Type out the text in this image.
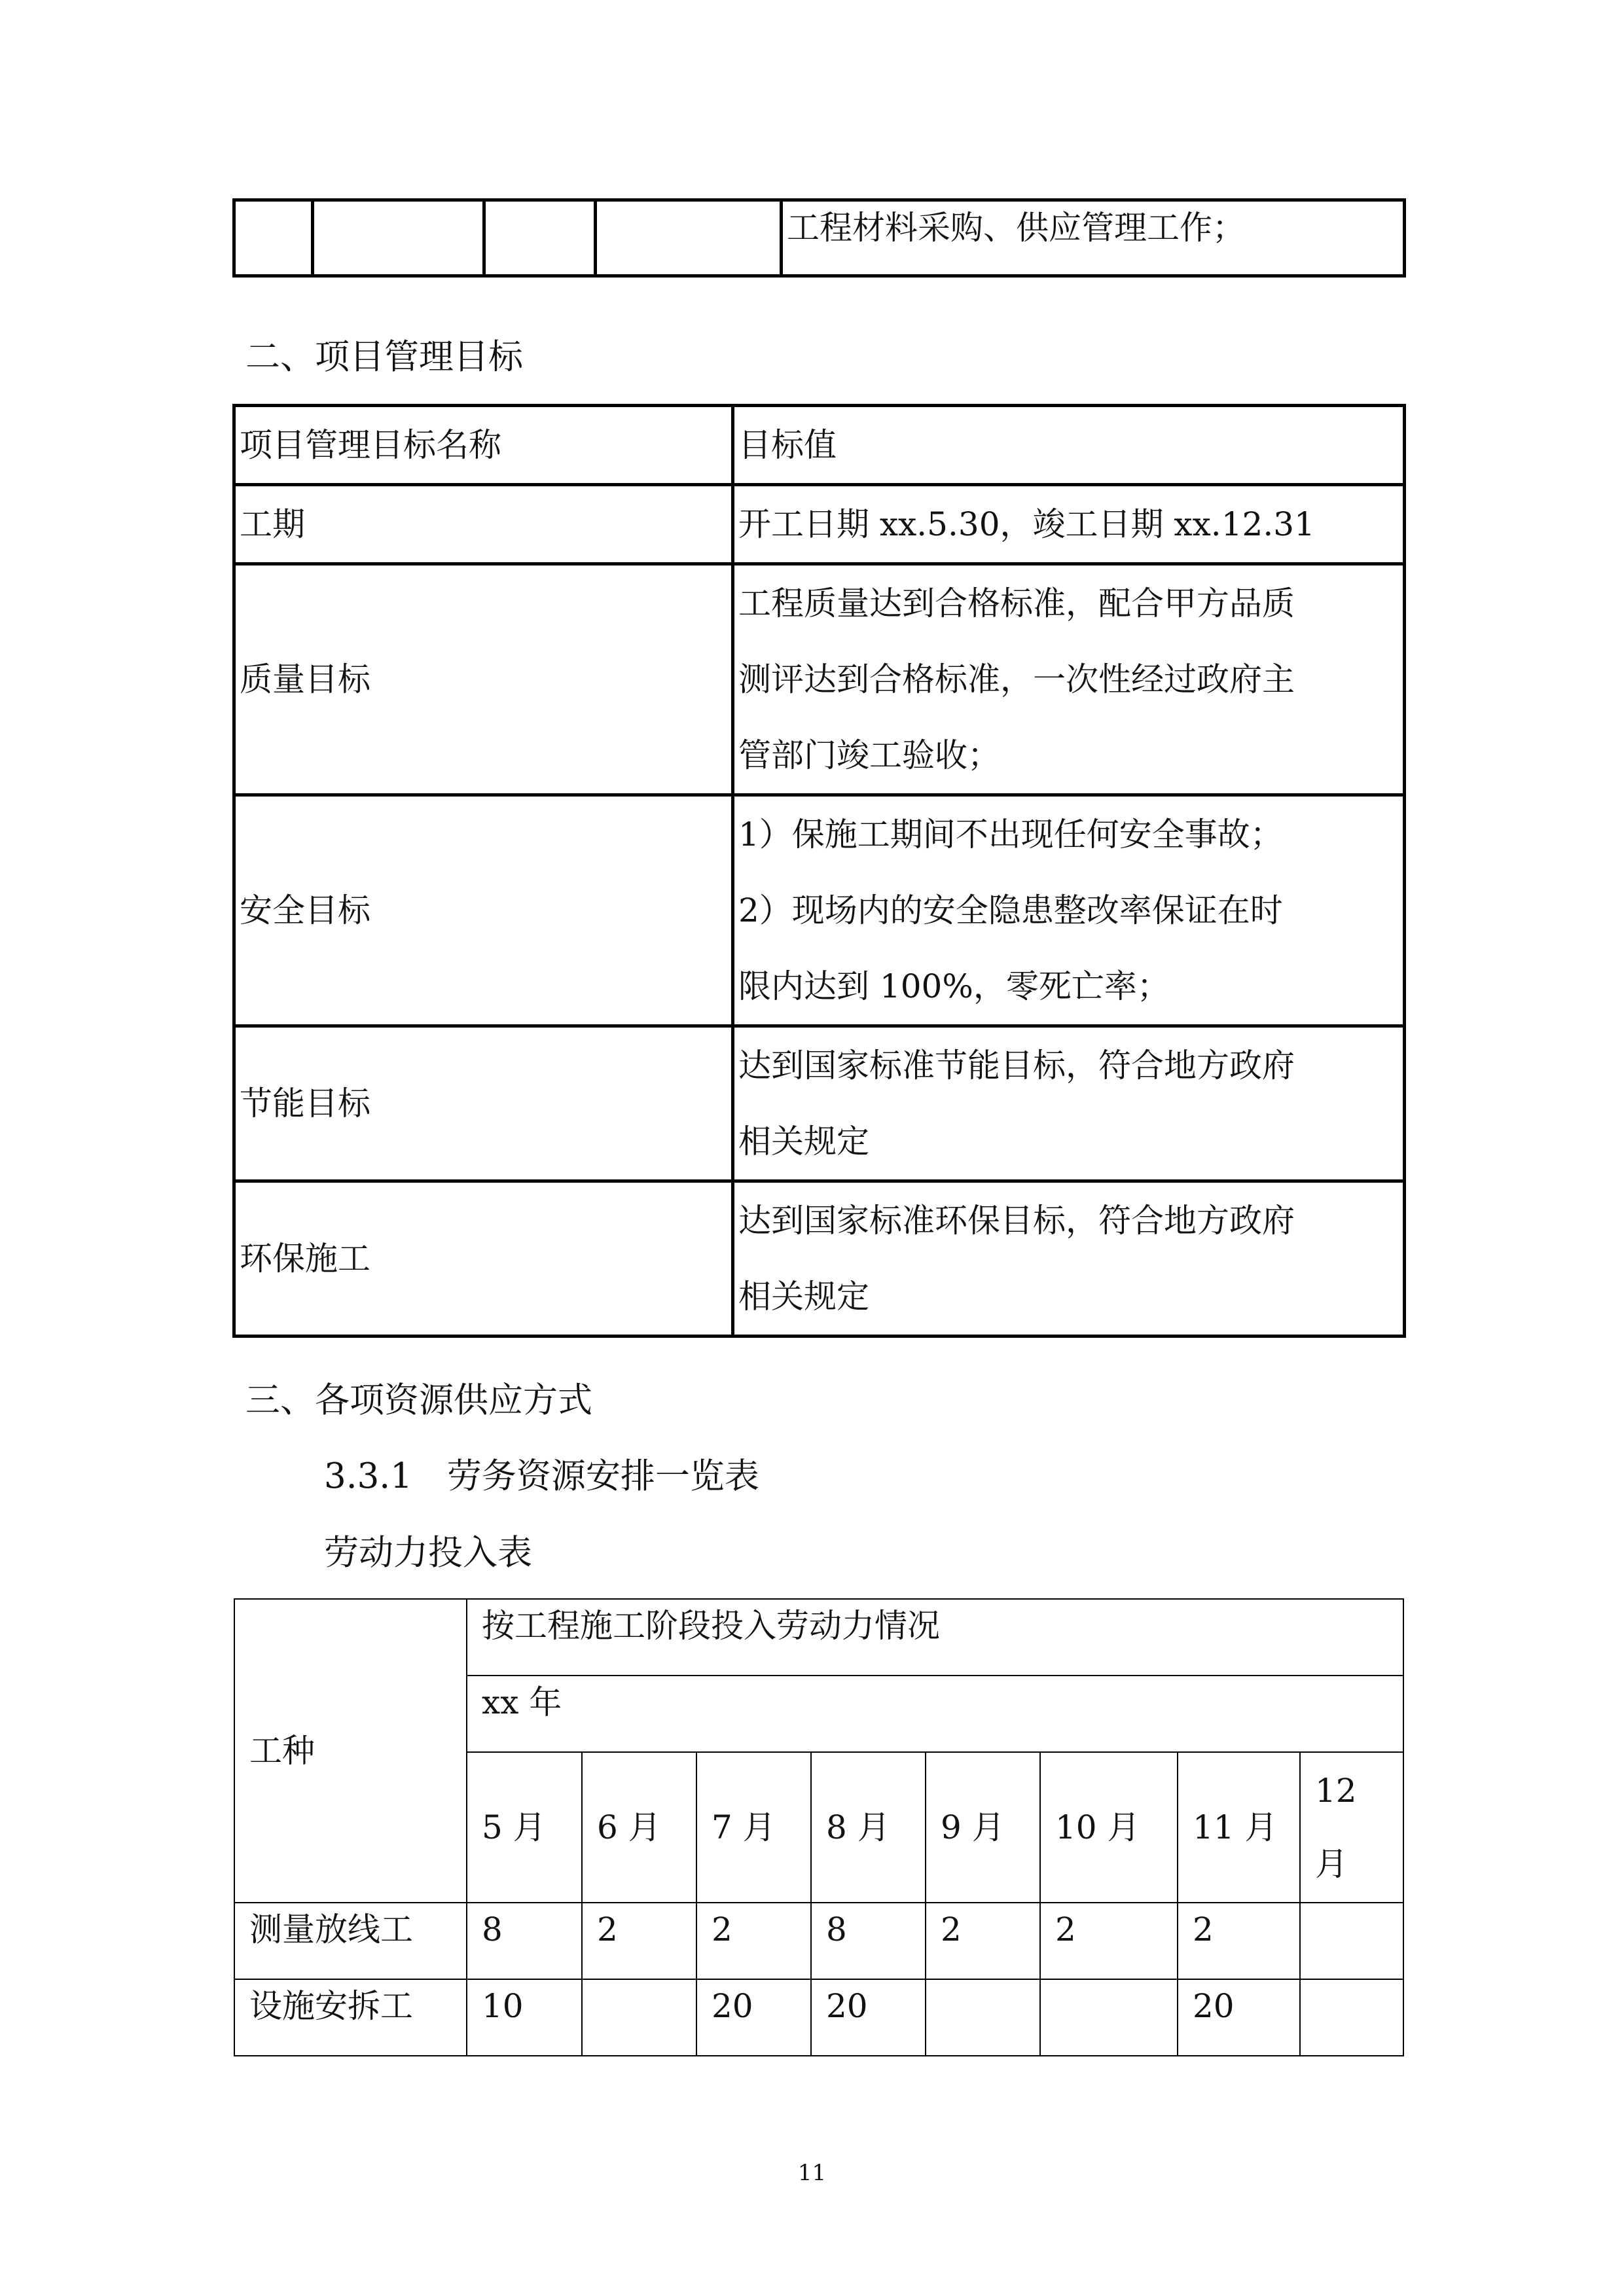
				工程材料采购、供应管理工作；
二、项目管理目标
项目管理目标名称	目标值
工期	开工日期 xx.5.30，竣工日期 xx.12.31

质量目标	工程质量达到合格标准，配合甲方品质
测评达到合格标准，一次性经过政府主
管部门竣工验收；

安全目标	1）保施工期间不出现任何安全事故；
2）现场内的安全隐患整改率保证在时
限内达到 100%，零死亡率；

节能目标	达到国家标准节能目标，符合地方政府
相关规定

环保施工	达到国家标准环保目标，符合地方政府
相关规定
三、各项资源供应方式
3.3.1　劳务资源安排一览表
劳动力投入表
工种	按工程施工阶段投入劳动力情况							
	xx 年							
	5 月	6 月	7 月	8 月	9 月	10 月	11 月	12
月

测量放线工	8	2	2	8	2	2	2	
设施安拆工	10		20	20			20	
11
